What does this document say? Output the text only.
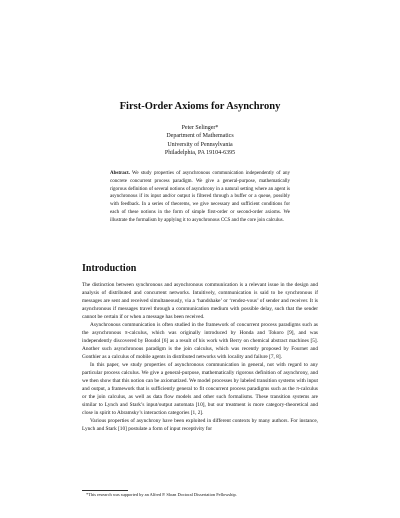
First-Order Axioms for Asynchrony
Peter Selinger*
Department of Mathematics
University of Pennsylvania
Philadelphia, PA 19104-6395
Abstract. We study properties of asynchronous communication independently of any concrete concurrent process paradigm. We give a general-purpose, mathematically rigorous definition of several notions of asynchrony in a natural setting where an agent is asynchronous if its input and/or output is filtered through a buffer or a queue, possibly with feedback. In a series of theorems, we give necessary and sufficient conditions for each of these notions in the form of simple first-order or second-order axioms. We illustrate the formalism by applying it to asynchronous CCS and the core join calculus.
Introduction

The distinction between synchronous and asynchronous communication is a relevant issue in the design and analysis of distributed and concurrent networks. Intuitively, communication is said to be synchronous if messages are sent and received simultaneously, via a ‘handshake’ or ‘rendez-vous’ of sender and receiver. It is asynchronous if messages travel through a communication medium with possible delay, such that the sender cannot be certain if or when a message has been received.

Asynchronous communication is often studied in the framework of concurrent process paradigms such as the asynchronous π-calculus, which was originally introduced by Honda and Tokoro [9], and was independently discovered by Boudol [6] as a result of his work with Berry on chemical abstract machines [5]. Another such asynchronous paradigm is the join calculus, which was recently proposed by Fournet and Gonthier as a calculus of mobile agents in distributed networks with locality and failure [7, 8].

In this paper, we study properties of asynchronous communication in general, not with regard to any particular process calculus. We give a general-purpose, mathematically rigorous definition of asynchrony, and we then show that this notion can be axiomatized. We model processes by labeled transition systems with input and output, a framework that is sufficiently general to fit concurrent process paradigms such as the π-calculus or the join calculus, as well as data flow models and other such formalisms. These transition systems are similar to Lynch and Stark’s input/output automata [10], but our treatment is more category-theoretical and close in spirit to Abramsky’s interaction categories [1, 2].

Various properties of asynchrony have been exploited in different contexts by many authors. For instance, Lynch and Stark [10] postulate a form of input receptivity for

*This research was supported by an Alfred P. Sloan Doctoral Dissertation Fellowship.
